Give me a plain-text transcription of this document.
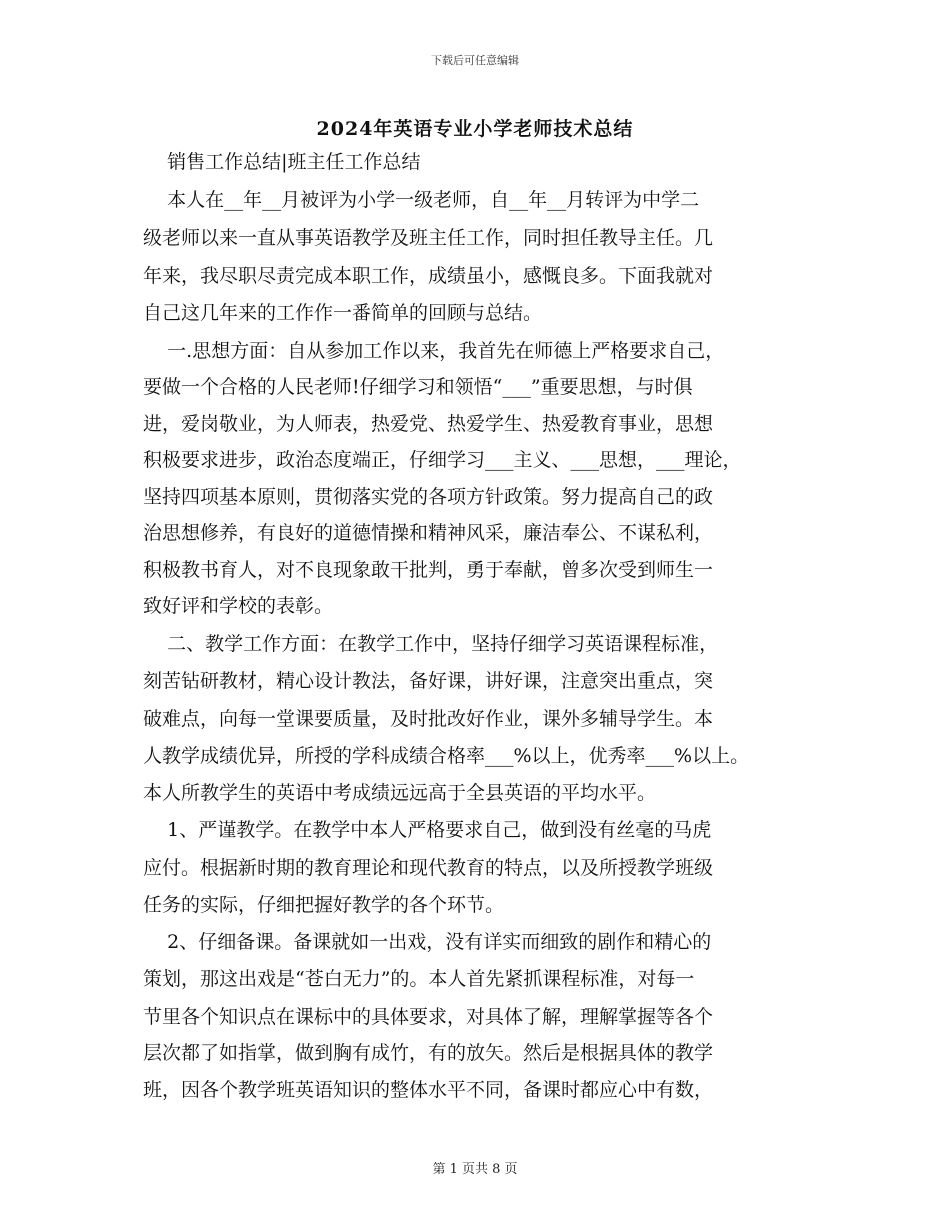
下载后可任意编辑
2024年英语专业小学老师技术总结
销售工作总结|班主任工作总结
本人在__年__月被评为小学一级老师，自__年__月转评为中学二
级老师以来一直从事英语教学及班主任工作，同时担任教导主任。几
年来，我尽职尽责完成本职工作，成绩虽小，感慨良多。下面我就对
自己这几年来的工作作一番简单的回顾与总结。
一.思想方面：自从参加工作以来，我首先在师德上严格要求自己，
要做一个合格的人民老师!仔细学习和领悟“___”重要思想，与时俱
进，爱岗敬业，为人师表，热爱党、热爱学生、热爱教育事业，思想
积极要求进步，政治态度端正，仔细学习___主义、___思想，___理论，
坚持四项基本原则，贯彻落实党的各项方针政策。努力提高自己的政
治思想修养，有良好的道德情操和精神风采，廉洁奉公、不谋私利，
积极教书育人，对不良现象敢干批判，勇于奉献，曾多次受到师生一
致好评和学校的表彰。
二、教学工作方面：在教学工作中，坚持仔细学习英语课程标准，
刻苦钻研教材，精心设计教法，备好课，讲好课，注意突出重点，突
破难点，向每一堂课要质量，及时批改好作业，课外多辅导学生。本
人教学成绩优异，所授的学科成绩合格率___%以上，优秀率___%以上。
本人所教学生的英语中考成绩远远高于全县英语的平均水平。
1、严谨教学。在教学中本人严格要求自己，做到没有丝毫的马虎
应付。根据新时期的教育理论和现代教育的特点，以及所授教学班级
任务的实际，仔细把握好教学的各个环节。
2、仔细备课。备课就如一出戏，没有详实而细致的剧作和精心的
策划，那这出戏是“苍白无力”的。本人首先紧抓课程标准，对每一
节里各个知识点在课标中的具体要求，对具体了解，理解掌握等各个
层次都了如指掌，做到胸有成竹，有的放矢。然后是根据具体的教学
班，因各个教学班英语知识的整体水平不同，备课时都应心中有数，
第 1 页共 8 页
